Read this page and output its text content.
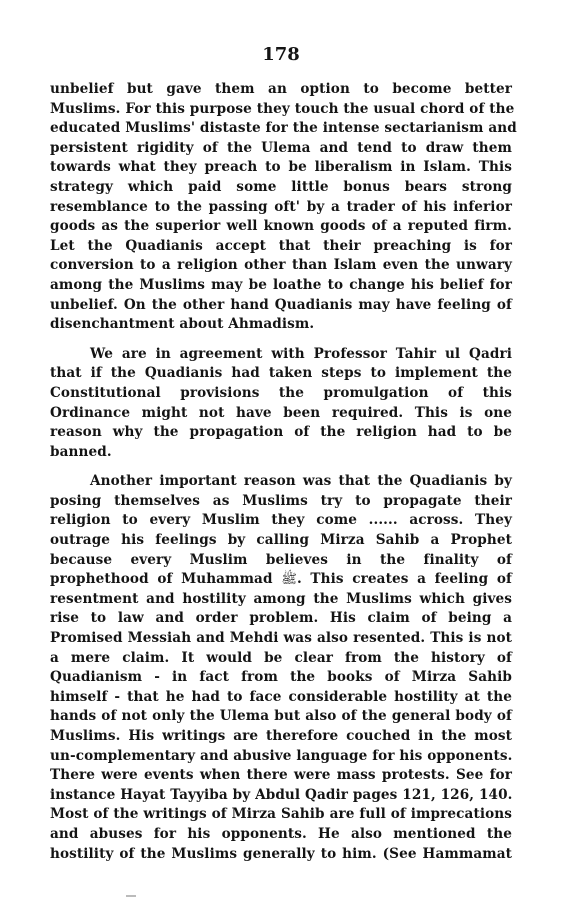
178
unbelief but gave them an option to become better
Muslims. For this purpose they touch the usual chord of the
educated Muslims' distaste for the intense sectarianism and
persistent rigidity of the Ulema and tend to draw them
towards what they preach to be liberalism in Islam. This
strategy which paid some little bonus bears strong
resemblance to the passing oft' by a trader of his inferior
goods as the superior well known goods of a reputed firm.
Let the Quadianis accept that their preaching is for
conversion to a religion other than Islam even the unwary
among the Muslims may be loathe to change his belief for
unbelief. On the other hand Quadianis may have feeling of
disenchantment about Ahmadism.
We are in agreement with Professor Tahir ul Qadri
that if the Quadianis had taken steps to implement the
Constitutional provisions the promulgation of this
Ordinance might not have been required. This is one
reason why the propagation of the religion had to be
banned.
Another important reason was that the Quadianis by
posing themselves as Muslims try to propagate their
religion to every Muslim they come ...... across. They
outrage his feelings by calling Mirza Sahib a Prophet
because every Muslim believes in the finality of
prophethood of Muhammad ﷺ. This creates a feeling of
resentment and hostility among the Muslims which gives
rise to law and order problem. His claim of being a
Promised Messiah and Mehdi was also resented. This is not
a mere claim. It would be clear from the history of
Quadianism - in fact from the books of Mirza Sahib
himself - that he had to face considerable hostility at the
hands of not only the Ulema but also of the general body of
Muslims. His writings are therefore couched in the most
un-complementary and abusive language for his opponents.
There were events when there were mass protests. See for
instance Hayat Tayyiba by Abdul Qadir pages 121, 126, 140.
Most of the writings of Mirza Sahib are full of imprecations
and abuses for his opponents. He also mentioned the
hostility of the Muslims generally to him. (See Hammamat
